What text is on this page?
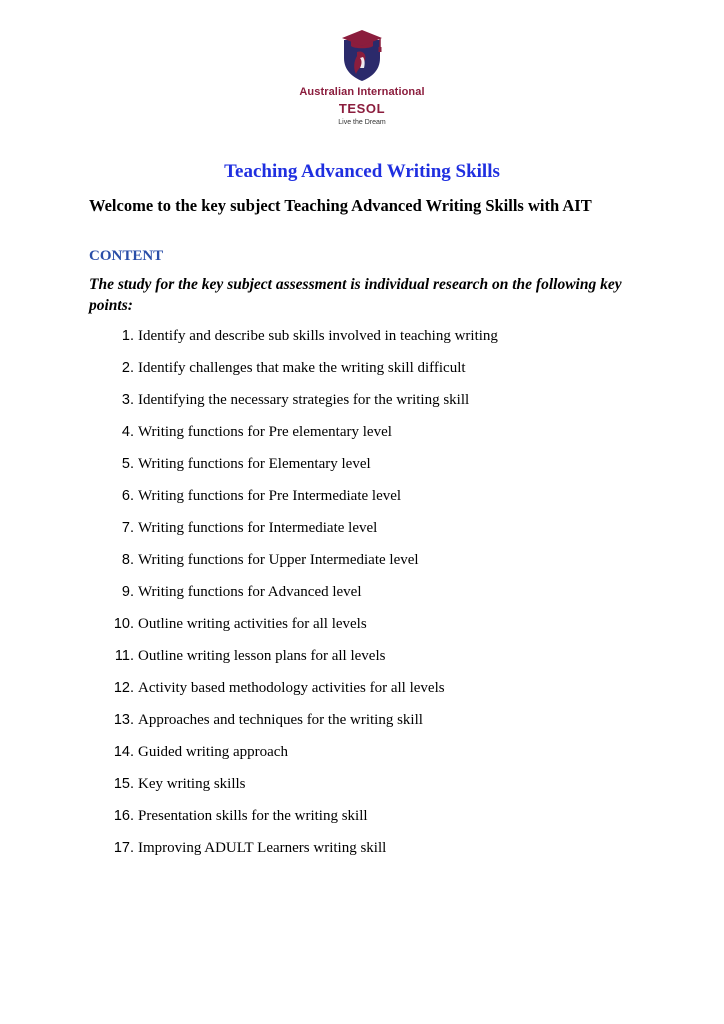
Australian International
TESOL
Live the Dream
Teaching Advanced Writing Skills

Welcome to the key subject Teaching Advanced Writing Skills with AIT

CONTENT

The study for the key subject assessment is individual research on the following key points:

1. Identify and describe sub skills involved in teaching writing
2. Identify challenges that make the writing skill difficult
3. Identifying the necessary strategies for the writing skill
4. Writing functions for Pre elementary level
5. Writing functions for Elementary level
6. Writing functions for Pre Intermediate level
7. Writing functions for Intermediate level
8. Writing functions for Upper Intermediate level
9. Writing functions for Advanced level
10. Outline writing activities for all levels
11. Outline writing lesson plans for all levels
12. Activity based methodology activities for all levels
13. Approaches and techniques for the writing skill
14. Guided writing approach
15. Key writing skills
16. Presentation skills for the writing skill
17. Improving ADULT Learners writing skill
